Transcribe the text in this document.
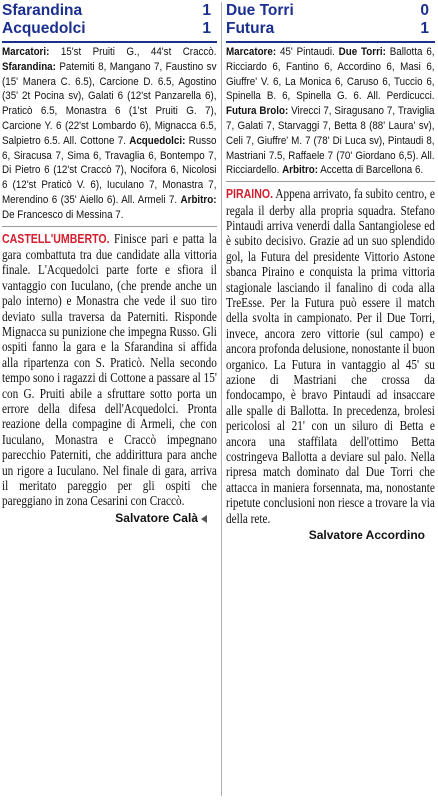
Sfarandina	1
Acquedolci	1
Marcatori: 15'st Pruiti G., 44'st Craccò. Sfarandina: Patemiti 8, Mangano 7, Faustino sv (15' Manera C. 6.5), Carcione D. 6.5, Agostino (35' 2t Pocina sv), Galati 6 (12'st Panzarella 6), Praticò 6.5, Monastra 6 (1'st Pruiti G. 7), Carcione Y. 6 (22'st Lombardo 6), Mignacca 6.5, Salpietro 6.5. All. Cottone 7. Acquedolci: Russo 6, Siracusa 7, Sima 6, Travaglia 6, Bontempo 7, Di Pietro 6 (12'st Craccò 7), Nocifora 6, Nicolosi 6 (12'st Praticò V. 6), Iuculano 7, Monastra 7, Merendino 6 (35' Aiello 6). All. Armeli 7. Arbitro: De Francesco di Messina 7.
CASTELL'UMBERTO. Finisce pari e patta la gara combattuta tra due candidate alla vittoria finale. L'Acquedolci parte forte e sfiora il vantaggio con Iuculano, (che prende anche un palo interno) e Monastra che vede il suo tiro deviato sulla traversa da Paterniti. Risponde Mignacca su punizione che impegna Russo. Gli ospiti fanno la gara e la Sfarandina si affida alla ripartenza con S. Praticò. Nella secondo tempo sono i ragazzi di Cottone a passare al 15' con G. Pruiti abile a sfruttare sotto porta un errore della difesa dell'Acquedolci. Pronta reazione della compagine di Armeli, che con Iuculano, Monastra e Craccò impegnano parecchio Paterniti, che addirittura para anche un rigore a Iuculano. Nel finale di gara, arriva il meritato pareggio per gli ospiti che pareggiano in zona Cesarini con Craccò.
Salvatore Calà
Due Torri	0
Futura	1
Marcatore: 45' Pintaudi. Due Torri: Ballotta 6, Ricciardo 6, Fantino 6, Accordino 6, Masi 6, Giuffre' V. 6, La Monica 6, Caruso 6, Tuccio 6, Spinella B. 6, Spinella G. 6. All. Perdicucci. Futura Brolo: Virecci 7, Siragusano 7, Traviglia 7, Galati 7, Starvaggi 7, Betta 8 (88' Laura' sv), Celi 7, Giuffre' M. 7 (78' Di Luca sv), Pintaudi 8, Mastriani 7.5, Raffaele 7 (70' Giordano 6,5). All. Ricciardello. Arbitro: Accetta di Barcellona 6.
PIRAINO. Appena arrivato, fa subito centro, e regala il derby alla propria squadra. Stefano Pintaudi arriva venerdi dalla Santangiolese ed è subito decisivo. Grazie ad un suo splendido gol, la Futura del presidente Vittorio Astone sbanca Piraino e conquista la prima vittoria stagionale lasciando il fanalino di coda alla TreEsse. Per la Futura può essere il match della svolta in campionato. Per il Due Torri, invece, ancora zero vittorie (sul campo) e ancora profonda delusione, nonostante il buon organico. La Futura in vantaggio al 45' su azione di Mastriani che crossa da fondocampo, è bravo Pintaudi ad insaccare alle spalle di Ballotta. In precedenza, brolesi pericolosi al 21' con un siluro di Betta e ancora una staffilata dell'ottimo Betta costringeva Ballotta a deviare sul palo. Nella ripresa match dominato dal Due Torri che attacca in maniera forsennata, ma, nonostante ripetute conclusioni non riesce a trovare la via della rete.
Salvatore Accordino
